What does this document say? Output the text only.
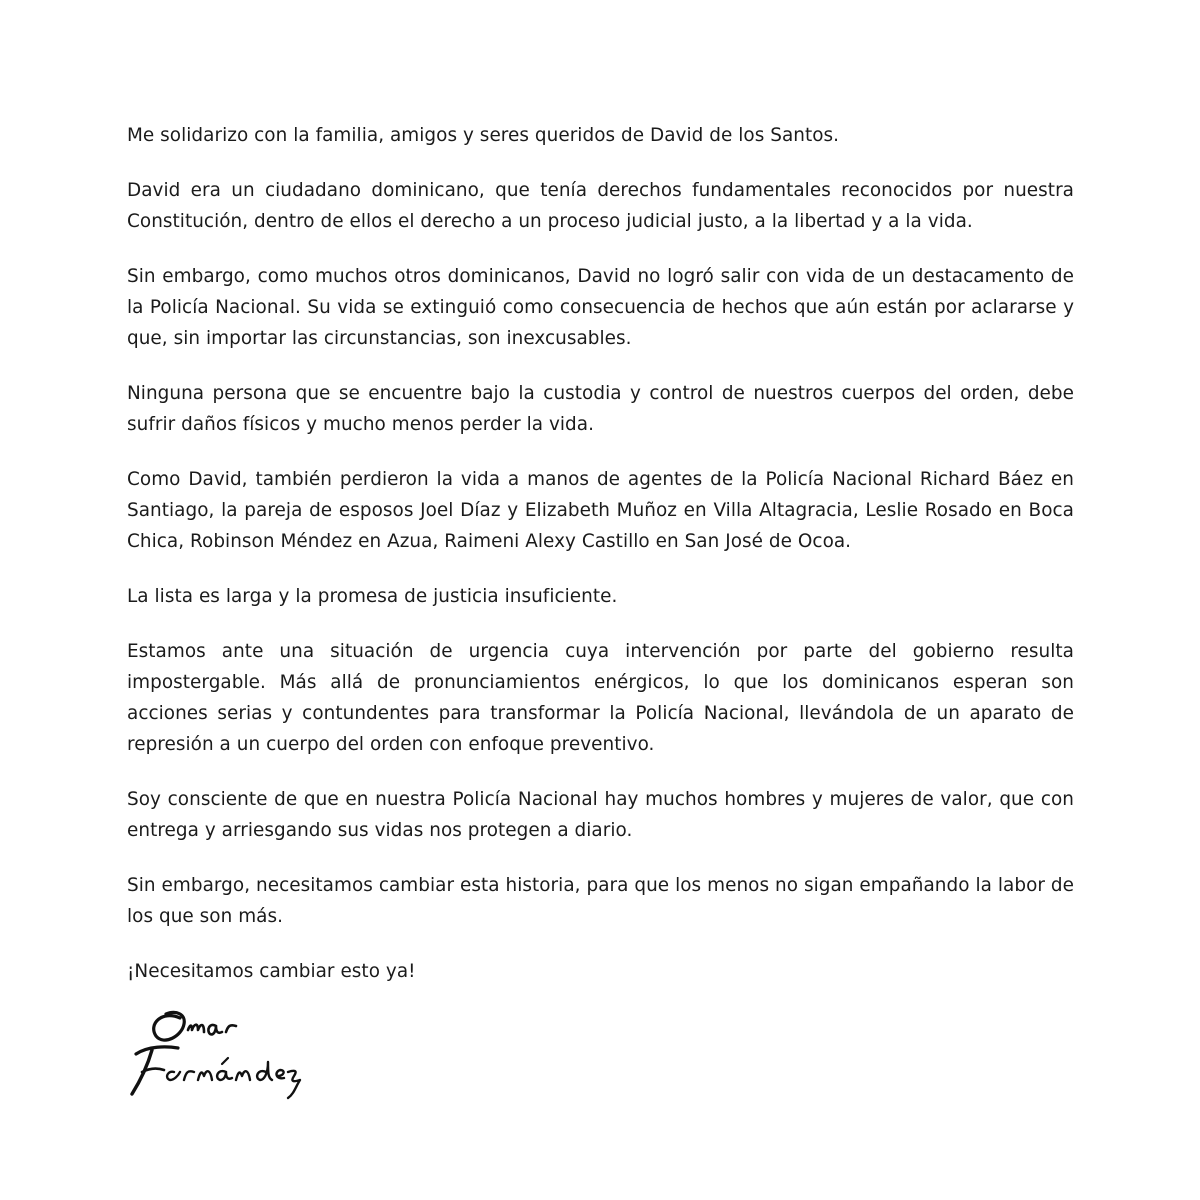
Me solidarizo con la familia, amigos y seres queridos de David de los Santos.

David era un ciudadano dominicano, que tenía derechos fundamentales reconocidos por nuestra Constitución, dentro de ellos el derecho a un proceso judicial justo, a la libertad y a la vida.

Sin embargo, como muchos otros dominicanos, David no logró salir con vida de un destacamento de la Policía Nacional. Su vida se extinguió como consecuencia de hechos que aún están por aclararse y que, sin importar las circunstancias, son inexcusables.

Ninguna persona que se encuentre bajo la custodia y control de nuestros cuerpos del orden, debe sufrir daños físicos y mucho menos perder la vida.

Como David, también perdieron la vida a manos de agentes de la Policía Nacional Richard Báez en Santiago, la pareja de esposos Joel Díaz y Elizabeth Muñoz en Villa Altagracia, Leslie Rosado en Boca Chica, Robinson Méndez en Azua, Raimeni Alexy Castillo en San José de Ocoa.

La lista es larga y la promesa de justicia insuficiente.

Estamos ante una situación de urgencia cuya intervención por parte del gobierno resulta impostergable. Más allá de pronunciamientos enérgicos, lo que los dominicanos esperan son acciones serias y contundentes para transformar la Policía Nacional, llevándola de un aparato de represión a un cuerpo del orden con enfoque preventivo.

Soy consciente de que en nuestra Policía Nacional hay muchos hombres y mujeres de valor, que con entrega y arriesgando sus vidas nos protegen a diario.

Sin embargo, necesitamos cambiar esta historia, para que los menos no sigan empañando la labor de los que son más.

¡Necesitamos cambiar esto ya!
